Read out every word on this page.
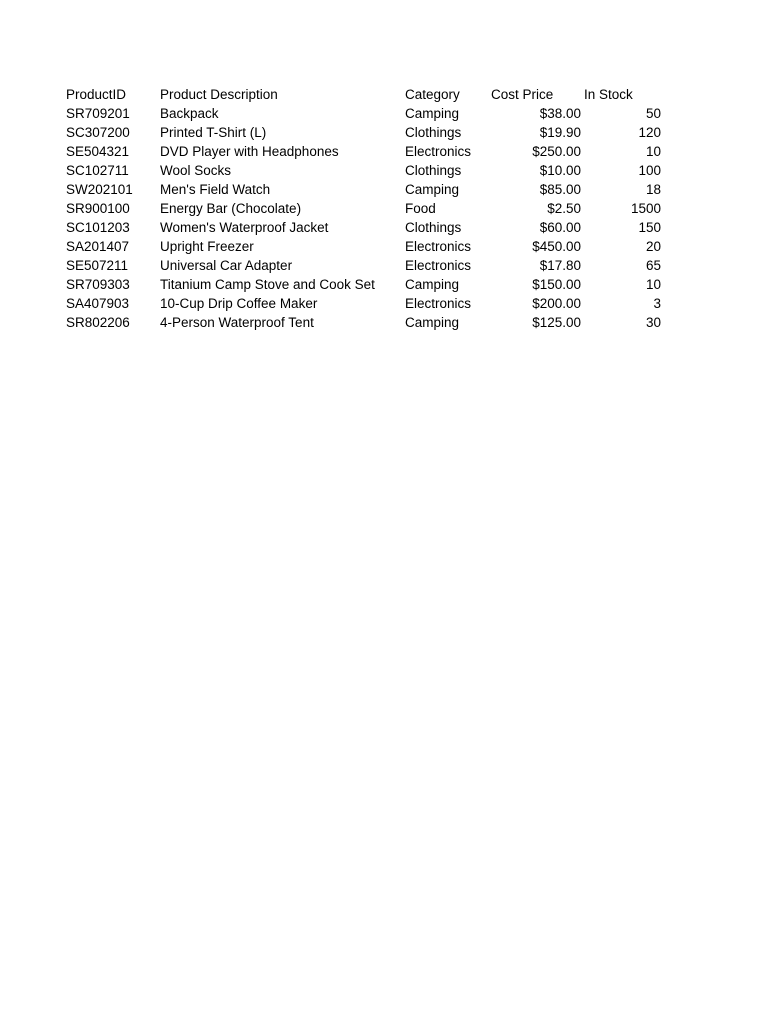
ProductID	Product Description	Category	Cost Price	In Stock
SR709201	Backpack	Camping	$38.00	50
SC307200	Printed T-Shirt (L)	Clothings	$19.90	120
SE504321	DVD Player with Headphones	Electronics	$250.00	10
SC102711	Wool Socks	Clothings	$10.00	100
SW202101	Men's Field Watch	Camping	$85.00	18
SR900100	Energy Bar (Chocolate)	Food	$2.50	1500
SC101203	Women's Waterproof Jacket	Clothings	$60.00	150
SA201407	Upright Freezer	Electronics	$450.00	20
SE507211	Universal Car Adapter	Electronics	$17.80	65
SR709303	Titanium Camp Stove and Cook Set	Camping	$150.00	10
SA407903	10-Cup Drip Coffee Maker	Electronics	$200.00	3
SR802206	4-Person Waterproof Tent	Camping	$125.00	30
